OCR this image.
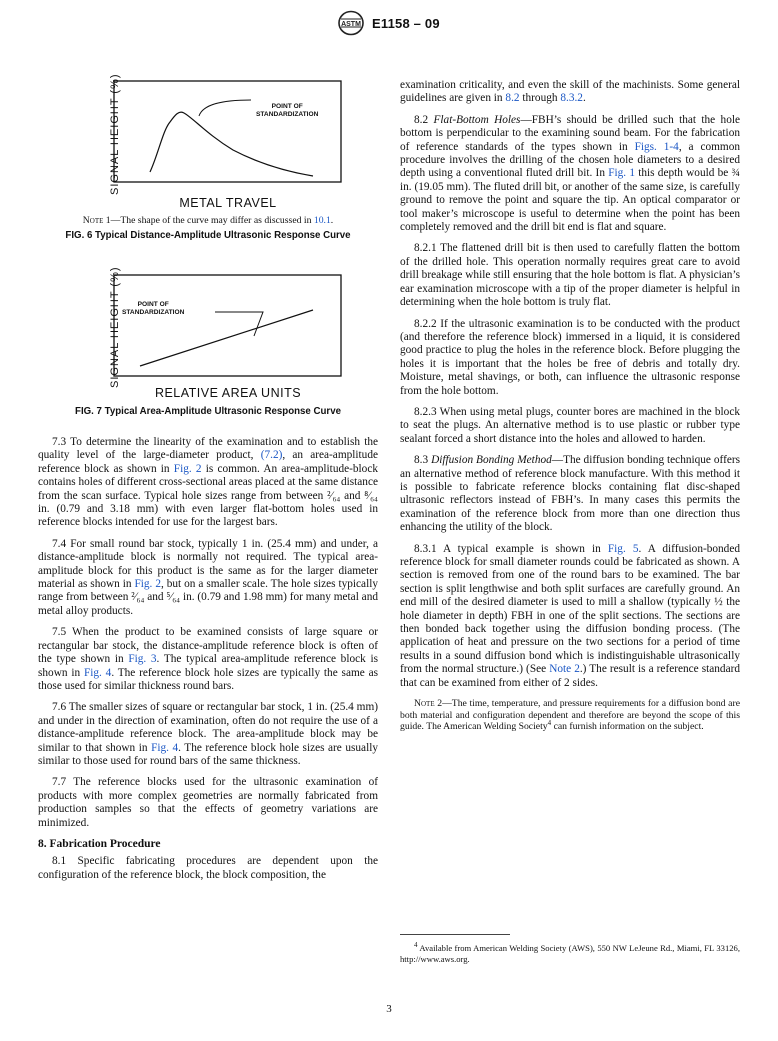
ASTM E1158 – 09
SIGNAL HEIGHT (%)	POINT OF
STANDARDIZATION
METAL TRAVEL
Note 1—The shape of the curve may differ as discussed in 10.1.
FIG. 6 Typical Distance-Amplitude Ultrasonic Response Curve
SIGNAL HEIGHT (%)	POINT OF
STANDARDIZATION
RELATIVE AREA UNITS
FIG. 7 Typical Area-Amplitude Ultrasonic Response Curve

7.3 To determine the linearity of the examination and to establish the quality level of the large-diameter product, (7.2), an area-amplitude reference block as shown in Fig. 2 is common. An area-amplitude-block contains holes of different cross-sectional areas placed at the same distance from the scan surface. Typical hole sizes range from between ²⁄₆₄ and ⁸⁄₆₄ in. (0.79 and 3.18 mm) with even larger flat-bottom holes used in reference blocks intended for use for the largest bars.

7.4 For small round bar stock, typically 1 in. (25.4 mm) and under, a distance-amplitude block is normally not required. The typical area-amplitude block for this product is the same as for the larger diameter material as shown in Fig. 2, but on a smaller scale. The hole sizes typically range from between ²⁄₆₄ and ⁵⁄₆₄ in. (0.79 and 1.98 mm) for many metal and metal alloy products.

7.5 When the product to be examined consists of large square or rectangular bar stock, the distance-amplitude reference block is often of the type shown in Fig. 3. The typical area-amplitude reference block is shown in Fig. 4. The reference block hole sizes are typically the same as those used for similar thickness round bars.

7.6 The smaller sizes of square or rectangular bar stock, 1 in. (25.4 mm) and under in the direction of examination, often do not require the use of a distance-amplitude reference block. The area-amplitude block may be similar to that shown in Fig. 4. The reference block hole sizes are usually similar to those used for round bars of the same thickness.

7.7 The reference blocks used for the ultrasonic examination of products with more complex geometries are normally fabricated from production samples so that the effects of geometry variations are minimized.

8. Fabrication Procedure

8.1 Specific fabricating procedures are dependent upon the configuration of the reference block, the block composition, the

examination criticality, and even the skill of the machinists. Some general guidelines are given in 8.2 through 8.3.2.

8.2 Flat-Bottom Holes—FBH’s should be drilled such that the hole bottom is perpendicular to the examining sound beam. For the fabrication of reference standards of the types shown in Figs. 1-4, a common procedure involves the drilling of the chosen hole diameters to a desired depth using a conventional fluted drill bit. In Fig. 1 this depth would be ¾ in. (19.05 mm). The fluted drill bit, or another of the same size, is carefully ground to remove the point and square the tip. An optical comparator or tool maker’s microscope is useful to determine when the point has been completely removed and the drill bit end is flat and square.

8.2.1 The flattened drill bit is then used to carefully flatten the bottom of the drilled hole. This operation normally requires great care to avoid drill breakage while still ensuring that the hole bottom is flat. A physician’s ear examination microscope with a tip of the proper diameter is helpful in determining when the hole bottom is truly flat.

8.2.2 If the ultrasonic examination is to be conducted with the product (and therefore the reference block) immersed in a liquid, it is considered good practice to plug the holes in the reference block. Before plugging the holes it is important that the holes be free of debris and totally dry. Moisture, metal shavings, or both, can influence the ultrasonic response from the hole bottom.

8.2.3 When using metal plugs, counter bores are machined in the block to seat the plugs. An alternative method is to use plastic or rubber type sealant forced a short distance into the holes and allowed to harden.

8.3 Diffusion Bonding Method—The diffusion bonding technique offers an alternative method of reference block manufacture. With this method it is possible to fabricate reference blocks containing flat disc-shaped ultrasonic reflectors instead of FBH’s. In many cases this permits the examination of the reference block from more than one direction thus enhancing the utility of the block.

8.3.1 A typical example is shown in Fig. 5. A diffusion-bonded reference block for small diameter rounds could be fabricated as shown. A section is removed from one of the round bars to be examined. The bar section is split lengthwise and both split surfaces are carefully ground. An end mill of the desired diameter is used to mill a shallow (typically ½ the hole diameter in depth) FBH in one of the split sections. The sections are then bonded back together using the diffusion bonding process. (The application of heat and pressure on the two sections for a period of time results in a sound diffusion bond which is indistinguishable ultrasonically from the normal structure.) (See Note 2.) The result is a reference standard that can be examined from either of 2 sides.

Note 2—The time, temperature, and pressure requirements for a diffusion bond are both material and configuration dependent and therefore are beyond the scope of this guide. The American Welding Society$^4$ can furnish information on the subject.

$^4$ Available from American Welding Society (AWS), 550 NW LeJeune Rd., Miami, FL 33126, http://www.aws.org.
3
